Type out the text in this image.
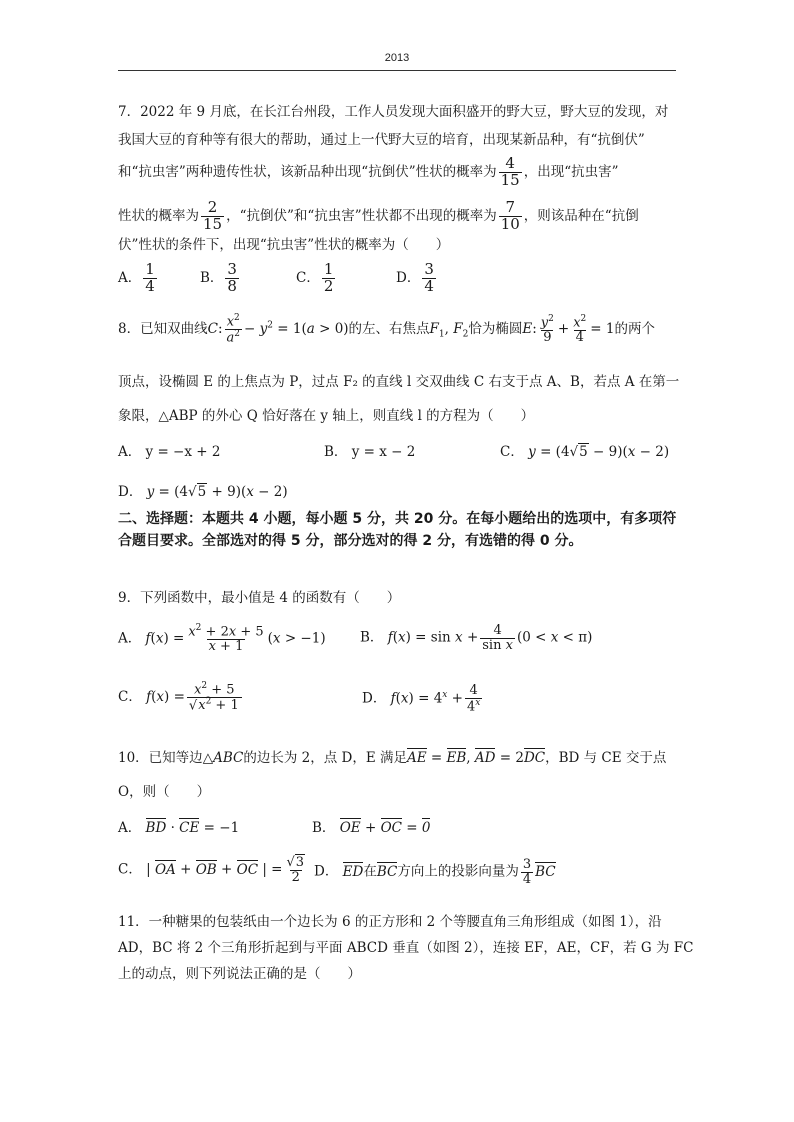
2013
7．2022 年 9 月底，在长江台州段，工作人员发现大面积盛开的野大豆，野大豆的发现，对
我国大豆的育种等有很大的帮助，通过上一代野大豆的培育，出现某新品种，有“抗倒伏”
和“抗虫害”两种遗传性状，该新品种出现“抗倒伏”性状的概率为 $\frac{4}{15}$ ，出现“抗虫害”
性状的概率为 $\frac{2}{15}$ ，“抗倒伏”和“抗虫害”性状都不出现的概率为 $\frac{7}{10}$ ，则该品种在“抗倒
伏”性状的条件下，出现“抗虫害”性状的概率为（　　）
A． $\frac{1}{4}$	B． $\frac{3}{8}$	C． $\frac{1}{2}$	D． $\frac{3}{4}$
8．已知双曲线C: $\frac{x^2}{a^2} - y^2 = 1(a > 0)$的左、右焦点$F_1$, $F_2$恰为椭圆E: $\frac{y^2}{9} + \frac{x^2}{4} = 1$的两个
顶点，设椭圆 E 的上焦点为 P，过点 F₂ 的直线 l 交双曲线 C 右支于点 A、B，若点 A 在第一
象限，△ABP 的外心 Q 恰好落在 y 轴上，则直线 l 的方程为（　　）
A． y = −x + 2	B． y = x − 2	C． y = (4√5 − 9)(x − 2)
D． y = (4√5 + 9)(x − 2)
二、选择题：本题共 4 小题，每小题 5 分，共 20 分。在每小题给出的选项中，有多项符合题目要求。全部选对的得 5 分，部分选对的得 2 分，有选错的得 0 分。
9．下列函数中，最小值是 4 的函数有（　　）
A． $f(x) = \frac{x^2 + 2x + 5}{x + 1} (x > -1)$	B． $f(x) = \sin x + \frac{4}{\text{sin x}} (0 < x < \pi)$
C． $f(x) = \frac{x^2 + 5}{√x^2 + 1}$	D． $f(x) = 4^x + \frac{4}{4^x}$
10．已知等边△ABC的边长为 2，点 D，E 满足AE = EB, AD = 2DC，BD 与 CE 交于点
O，则（　　）
A． BD · CE = −1	B． OE + OC = 0
C． | OA + OB + OC | = $\frac{√3}{2}$ D． ED在BC方向上的投影向量为 $\frac{3}{4}$ BC
11．一种糖果的包装纸由一个边长为 6 的正方形和 2 个等腰直角三角形组成（如图 1），沿
AD，BC 将 2 个三角形折起到与平面 ABCD 垂直（如图 2），连接 EF，AE，CF，若 G 为 FC
上的动点，则下列说法正确的是（　　）
